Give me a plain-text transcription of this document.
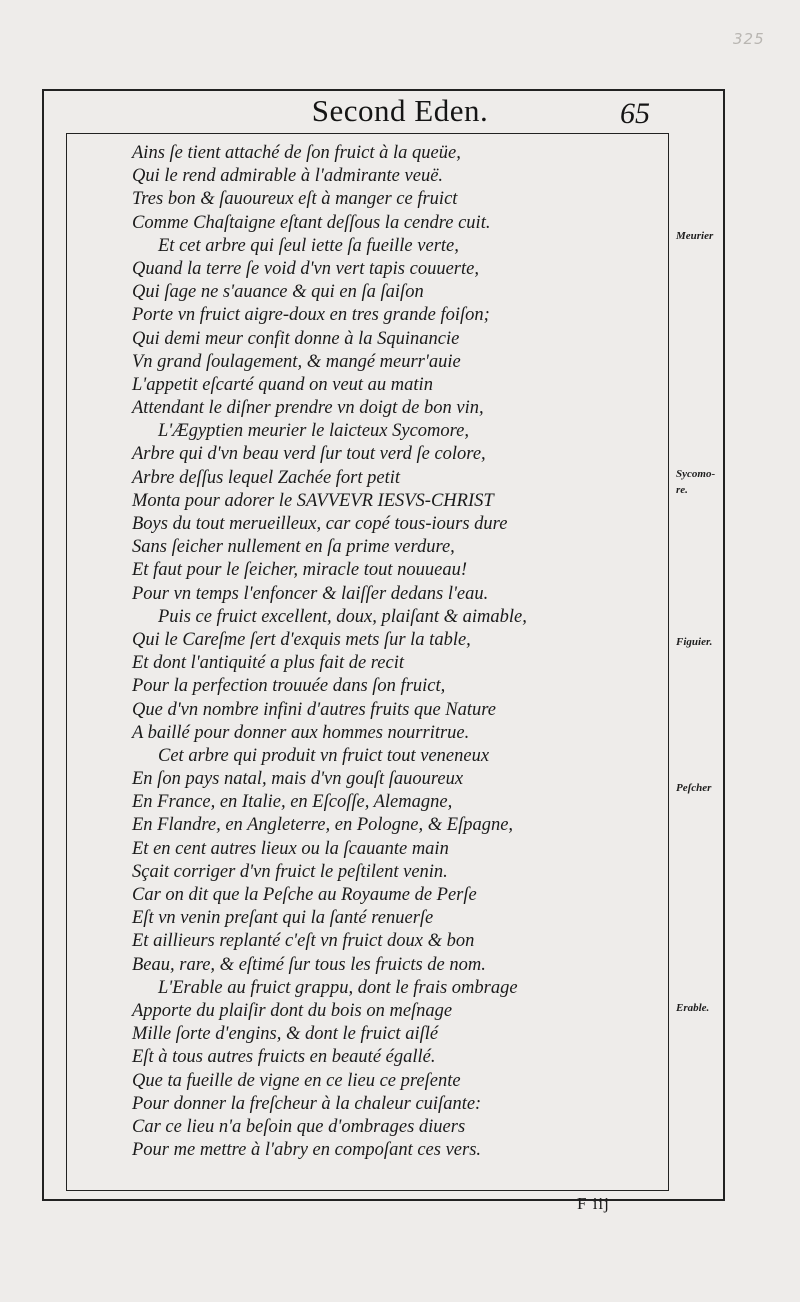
325
Second Eden.	65
Ains ſe tient attaché de ſon fruict à la queüe,
Qui le rend admirable à l'admirante veuë.
Tres bon & ſauoureux eſt à manger ce fruict
Comme Chaſtaigne eſtant deſſous la cendre cuit.
Et cet arbre qui ſeul iette ſa fueille verte,
Quand la terre ſe void d'vn vert tapis couuerte,
Qui ſage ne s'auance & qui en ſa ſaiſon
Porte vn fruict aigre-doux en tres grande foiſon;
Qui demi meur confit donne à la Squinancie
Vn grand ſoulagement, & mangé meurr'auie
L'appetit eſcarté quand on veut au matin
Attendant le diſner prendre vn doigt de bon vin,
L'Ægyptien meurier le laicteux Sycomore,
Arbre qui d'vn beau verd ſur tout verd ſe colore,
Arbre deſſus lequel Zachée fort petit
Monta pour adorer le SAVVEVR IESVS-CHRIST
Boys du tout merueilleux, car copé tous-iours dure
Sans ſeicher nullement en ſa prime verdure,
Et faut pour le ſeicher, miracle tout nouueau!
Pour vn temps l'enfoncer & laiſſer dedans l'eau.
Puis ce fruict excellent, doux, plaiſant & aimable,
Qui le Careſme ſert d'exquis mets ſur la table,
Et dont l'antiquité a plus fait de recit
Pour la perfection trouuée dans ſon fruict,
Que d'vn nombre infini d'autres fruits que Nature
A baillé pour donner aux hommes nourritrue.
Cet arbre qui produit vn fruict tout veneneux
En ſon pays natal, mais d'vn gouſt ſauoureux
En France, en Italie, en Eſcoſſe, Alemagne,
En Flandre, en Angleterre, en Pologne, & Eſpagne,
Et en cent autres lieux ou la ſcauante main
Sçait corriger d'vn fruict le peſtilent venin.
Car on dit que la Peſche au Royaume de Perſe
Eſt vn venin preſant qui la ſanté renuerſe
Et aillieurs replanté c'eſt vn fruict doux & bon
Beau, rare, & eſtimé ſur tous les fruicts de nom.
L'Erable au fruict grappu, dont le frais ombrage
Apporte du plaiſir dont du bois on meſnage
Mille ſorte d'engins, & dont le fruict aiſlé
Eſt à tous autres fruicts en beauté égallé.
Que ta fueille de vigne en ce lieu ce preſente
Pour donner la freſcheur à la chaleur cuiſante:
Car ce lieu n'a beſoin que d'ombrages diuers
Pour me mettre à l'abry en compoſant ces vers.
Meurier
Sycomo-re.
Figuier.
Peſcher
Erable.
F iij
